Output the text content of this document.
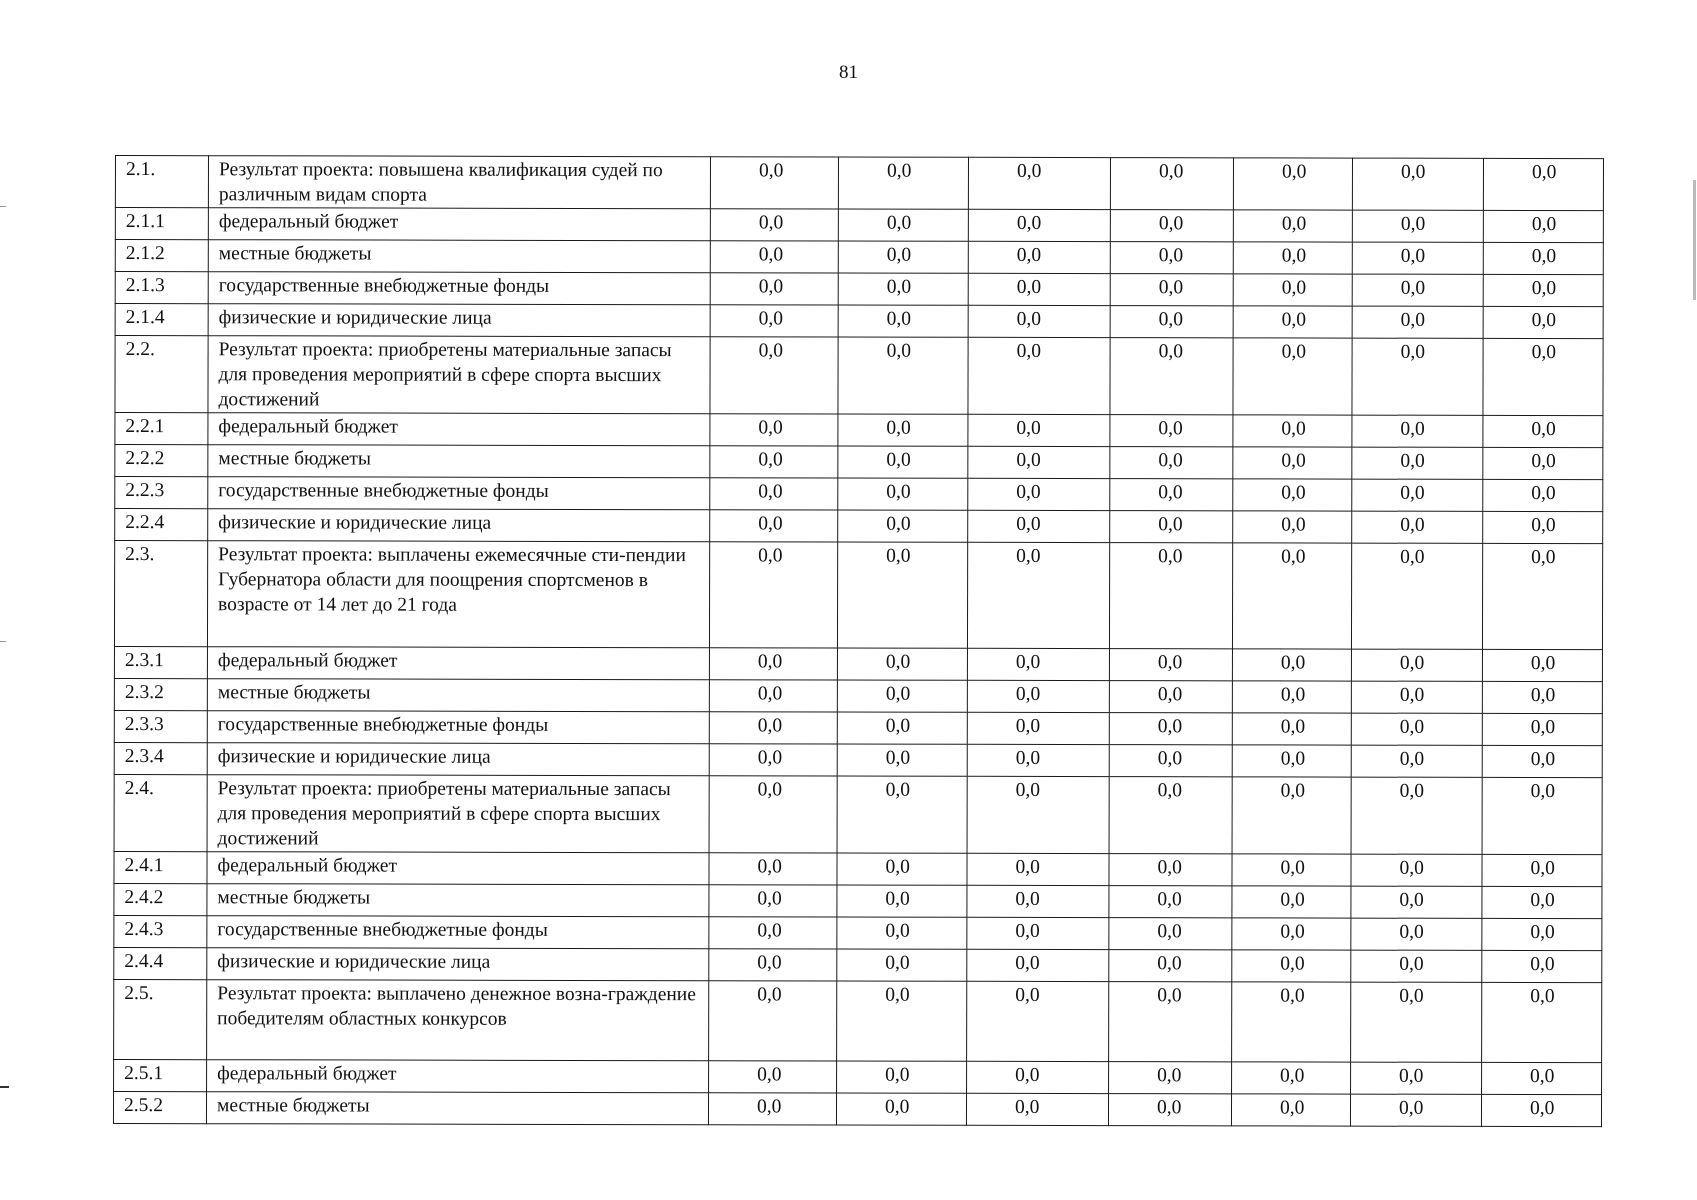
81
2.1.	Результат проекта: повышена квалификация судей по различным видам спорта	0,0	0,0	0,0	0,0	0,0	0,0	0,0
2.1.1	федеральный бюджет	0,0	0,0	0,0	0,0	0,0	0,0	0,0
2.1.2	местные бюджеты	0,0	0,0	0,0	0,0	0,0	0,0	0,0
2.1.3	государственные внебюджетные фонды	0,0	0,0	0,0	0,0	0,0	0,0	0,0
2.1.4	физические и юридические лица	0,0	0,0	0,0	0,0	0,0	0,0	0,0
2.2.	Результат проекта: приобретены материальные запасы для проведения мероприятий в сфере спорта высших достижений	0,0	0,0	0,0	0,0	0,0	0,0	0,0
2.2.1	федеральный бюджет	0,0	0,0	0,0	0,0	0,0	0,0	0,0
2.2.2	местные бюджеты	0,0	0,0	0,0	0,0	0,0	0,0	0,0
2.2.3	государственные внебюджетные фонды	0,0	0,0	0,0	0,0	0,0	0,0	0,0
2.2.4	физические и юридические лица	0,0	0,0	0,0	0,0	0,0	0,0	0,0
2.3.	Результат проекта: выплачены ежемесячные сти-пендии Губернатора области для поощрения спортсменов в возрасте от 14 лет до 21 года	0,0	0,0	0,0	0,0	0,0	0,0	0,0
2.3.1	федеральный бюджет	0,0	0,0	0,0	0,0	0,0	0,0	0,0
2.3.2	местные бюджеты	0,0	0,0	0,0	0,0	0,0	0,0	0,0
2.3.3	государственные внебюджетные фонды	0,0	0,0	0,0	0,0	0,0	0,0	0,0
2.3.4	физические и юридические лица	0,0	0,0	0,0	0,0	0,0	0,0	0,0
2.4.	Результат проекта: приобретены материальные запасы для проведения мероприятий в сфере спорта высших достижений	0,0	0,0	0,0	0,0	0,0	0,0	0,0
2.4.1	федеральный бюджет	0,0	0,0	0,0	0,0	0,0	0,0	0,0
2.4.2	местные бюджеты	0,0	0,0	0,0	0,0	0,0	0,0	0,0
2.4.3	государственные внебюджетные фонды	0,0	0,0	0,0	0,0	0,0	0,0	0,0
2.4.4	физические и юридические лица	0,0	0,0	0,0	0,0	0,0	0,0	0,0
2.5.	Результат проекта: выплачено денежное возна-граждение победителям областных конкурсов	0,0	0,0	0,0	0,0	0,0	0,0	0,0
2.5.1	федеральный бюджет	0,0	0,0	0,0	0,0	0,0	0,0	0,0
2.5.2	местные бюджеты	0,0	0,0	0,0	0,0	0,0	0,0	0,0
